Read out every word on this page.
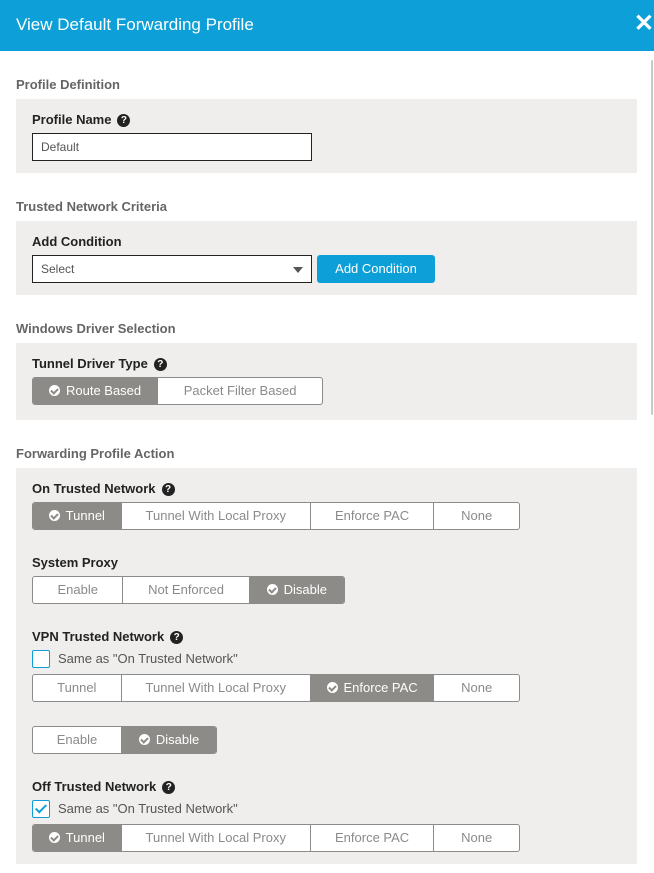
View Default Forwarding Profile	✕
Profile Definition
Profile Name ?
Default
Trusted Network Criteria
Add Condition
Select	Add Condition
Windows Driver Selection
Tunnel Driver Type ?
Route Based	Packet Filter Based
Forwarding Profile Action
On Trusted Network ?
Tunnel	Tunnel With Local Proxy	Enforce PAC	None
System Proxy
Enable	Not Enforced	Disable
VPN Trusted Network ?
Same as "On Trusted Network"
Tunnel	Tunnel With Local Proxy	Enforce PAC	None
Enable	Disable
Off Trusted Network ?
Same as "On Trusted Network"
Tunnel	Tunnel With Local Proxy	Enforce PAC	None
